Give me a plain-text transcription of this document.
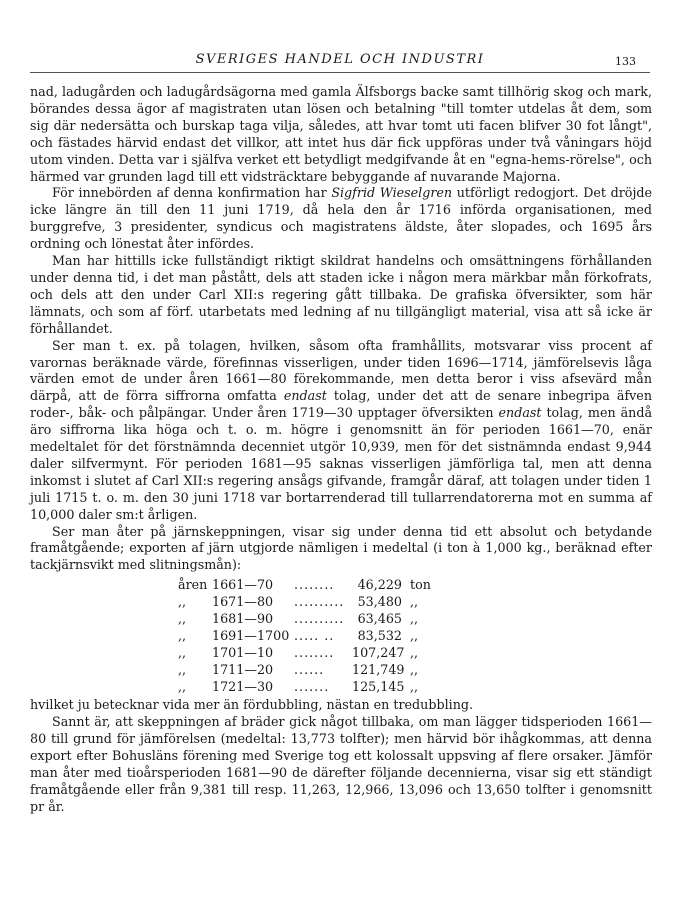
SVERIGES HANDEL OCH INDUSTRI	133

nad, ladugården och ladugårdsägorna med gamla Älfsborgs backe samt tillhörig skog och mark, börandes dessa ägor af magistraten utan lösen och betalning "till tomter utdelas åt dem, som sig där nedersätta och burskap taga vilja, således, att hvar tomt uti facen blifver 30 fot långt", och fästades härvid endast det villkor, att intet hus där fick uppföras under två våningars höjd utom vinden. Detta var i själfva verket ett betydligt medgifvande åt en "egna-hems-rörelse", och härmed var grunden lagd till ett vidsträcktare bebyggande af nuvarande Majorna.

För innebörden af denna konfirmation har Sigfrid Wieselgren utförligt redogjort. Det dröjde icke längre än till den 11 juni 1719, då hela den år 1716 införda organisationen, med burggrefve, 3 presidenter, syndicus och magistratens äldste, åter slopades, och 1695 års ordning och lönestat åter infördes.

Man har hittills icke fullständigt riktigt skildrat handelns och omsättningens förhållanden under denna tid, i det man påstått, dels att staden icke i någon mera märkbar mån förkofrats, och dels att den under Carl XII:s regering gått tillbaka. De grafiska öfversikter, som här lämnats, och som af förf. utarbetats med ledning af nu tillgängligt material, visa att så icke är förhållandet.

Ser man t. ex. på tolagen, hvilken, såsom ofta framhållits, motsvarar viss procent af varornas beräknade värde, förefinnas visserligen, under tiden 1696—1714, jämförelsevis låga värden emot de under åren 1661—80 förekommande, men detta beror i viss afsevärd mån därpå, att de förra siffrorna omfatta endast tolag, under det att de senare inbegripa äfven roder-, båk- och pålpängar. Under åren 1719—30 upptager öfversikten endast tolag, men ändå äro siffrorna lika höga och t. o. m. högre i genomsnitt än för perioden 1661—70, enär medeltalet för det förstnämnda decenniet utgör 10,939, men för det sistnämnda endast 9,944 daler silfvermynt. För perioden 1681—95 saknas visserligen jämförliga tal, men att denna inkomst i slutet af Carl XII:s regering ansågs gifvande, framgår däraf, att tolagen under tiden 1 juli 1715 t. o. m. den 30 juni 1718 var bortarrenderad till tullarrendatorerna mot en summa af 10,000 daler sm:t årligen.

Ser man åter på järnskeppningen, visar sig under denna tid ett absolut och betydande framåtgående; exporten af järn utgjorde nämligen i medeltal (i ton à 1,000 kg., beräknad efter tackjärnsvikt med slitningsmån):

åren 1661—70	........	46,229 ton
,,	1671—80	..........	53,480 ,,
,,	1681—90	..........	63,465 ,,
,,	1691—1700 ..... ..	83,532 ,,
,,	1701—10	........	107,247 ,,
,,	1711—20	......	121,749 ,,
,,	1721—30	.......	125,145 ,,

hvilket ju betecknar vida mer än fördubbling, nästan en tredubbling.

Sannt är, att skeppningen af bräder gick något tillbaka, om man lägger tidsperioden 1661—80 till grund för jämförelsen (medeltal: 13,773 tolfter); men härvid bör ihågkommas, att denna export efter Bohusläns förening med Sverige tog ett kolossalt uppsving af flere orsaker. Jämför man åter med tioårsperioden 1681—90 de därefter följande decennierna, visar sig ett ständigt framåtgående eller från 9,381 till resp. 11,263, 12,966, 13,096 och 13,650 tolfter i genomsnitt pr år.
